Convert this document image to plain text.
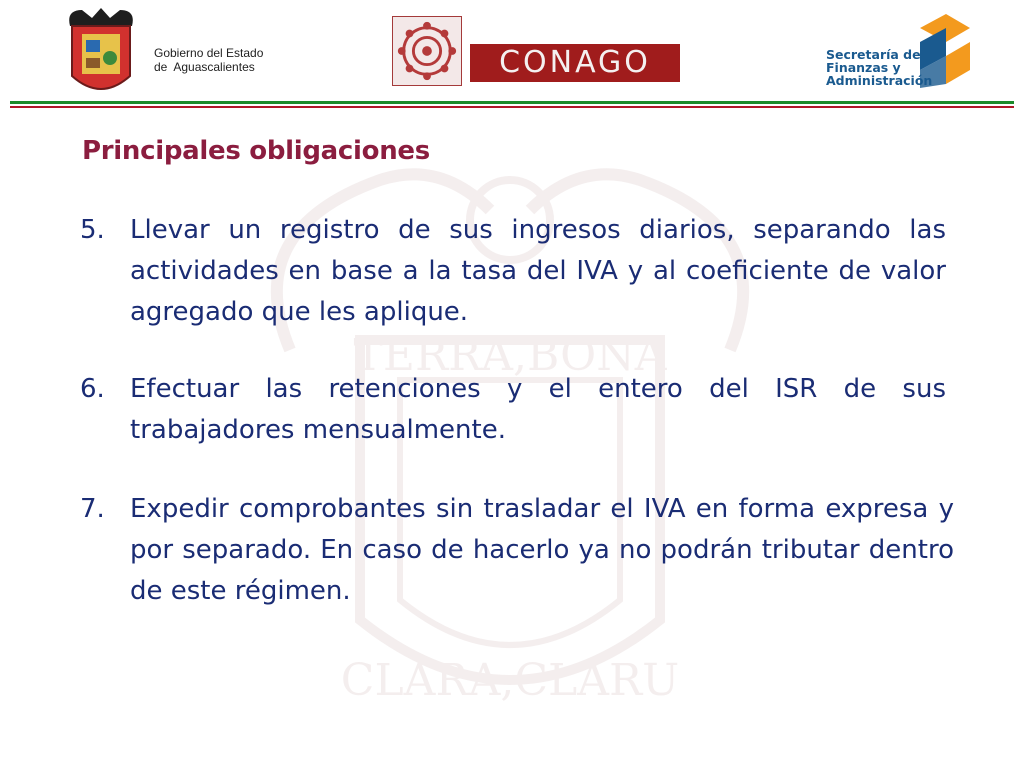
TERRA,BONA
CLARA,CLARU
Gobierno del Estado
de  Aguascalientes	CONAGO	Secretaría de
Finanzas y
Administración
Principales obligaciones
5. Llevar un registro de sus ingresos diarios, separando las actividades en base a la tasa del IVA y al coeficiente de valor agregado que les aplique.
6. Efectuar las retenciones y el entero del ISR de sus trabajadores mensualmente.
7. Expedir comprobantes sin trasladar el IVA en forma expresa y por separado. En caso de hacerlo ya no podrán tributar dentro de este régimen.
